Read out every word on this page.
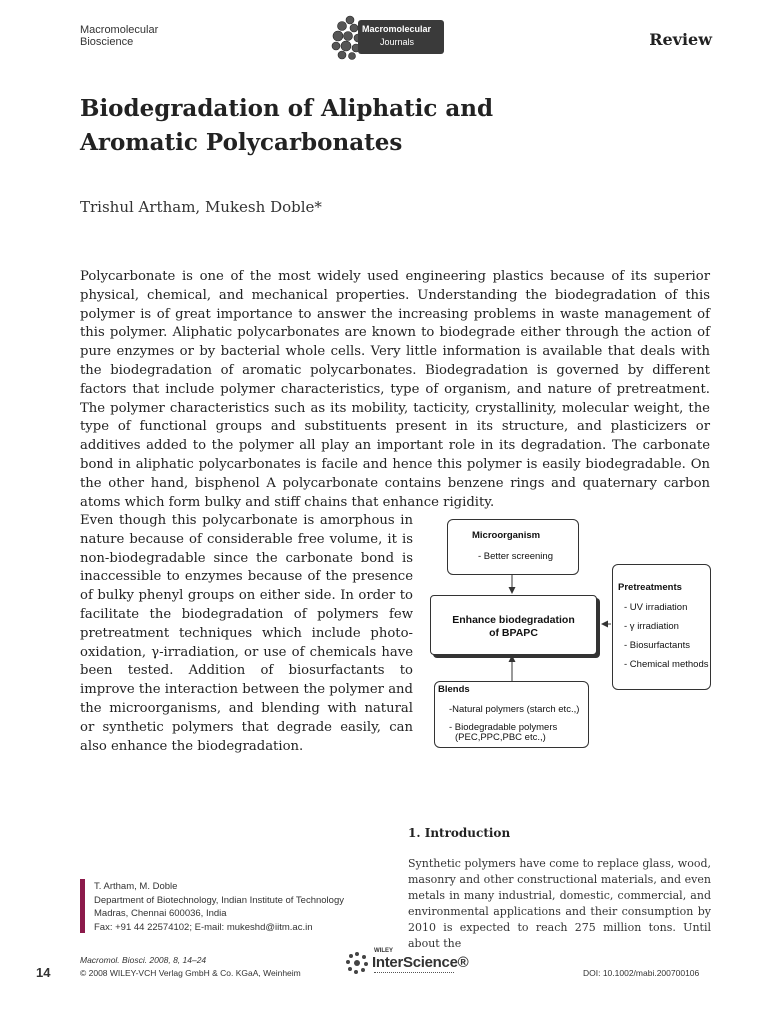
Macromolecular
Bioscience
Macromolecular
Journals	Review
Biodegradation of Aliphatic and
Aromatic Polycarbonates
Trishul Artham, Mukesh Doble*
Polycarbonate is one of the most widely used engineering plastics because of its superior physical, chemical, and mechanical properties. Understanding the biodegradation of this polymer is of great importance to answer the increasing problems in waste management of this polymer. Aliphatic polycarbonates are known to biodegrade either through the action of pure enzymes or by bacterial whole cells. Very little information is available that deals with the biodegradation of aromatic polycarbonates. Biodegradation is governed by different factors that include polymer characteristics, type of organism, and nature of pretreatment. The polymer characteristics such as its mobility, tacticity, crystallinity, molecular weight, the type of functional groups and substituents present in its structure, and plasticizers or additives added to the polymer all play an important role in its degradation. The carbonate bond in aliphatic polycarbonates is facile and hence this polymer is easily biodegradable. On the other hand, bisphenol A polycarbonate contains benzene rings and quaternary carbon atoms which form bulky and stiff chains that enhance rigidity.
Even though this polycarbonate is amorphous in nature because of considerable free volume, it is non-biodegradable since the carbonate bond is inaccessible to enzymes because of the presence of bulky phenyl groups on either side. In order to facilitate the biodegradation of polymers few pretreatment techniques which include photo-oxidation, γ-irradiation, or use of chemicals have been tested. Addition of biosurfactants to improve the interaction between the polymer and the microorganisms, and blending with natural or synthetic polymers that degrade easily, can also enhance the biodegradation.
Microorganism
- Better screening
Enhance biodegradation
of BPAPC
Pretreatments
- UV irradiation
- γ irradiation
- Biosurfactants
- Chemical methods
Blends
-Natural polymers (starch etc.,)
- Biodegradable polymers
(PEC,PPC,PBC etc.,)
1. Introduction
Synthetic polymers have come to replace glass, wood, masonry and other constructional materials, and even metals in many industrial, domestic, commercial, and environmental applications and their consumption by 2010 is expected to reach 275 million tons. Until about the
T. Artham, M. Doble
Department of Biotechnology, Indian Institute of Technology
Madras, Chennai 600036, India
Fax: +91 44 22574102; E-mail: mukeshd@iitm.ac.in
14
Macromol. Biosci. 2008, 8, 14–24
© 2008 WILEY-VCH Verlag GmbH & Co. KGaA, Weinheim
WILEY
InterScience®
DOI: 10.1002/mabi.200700106
